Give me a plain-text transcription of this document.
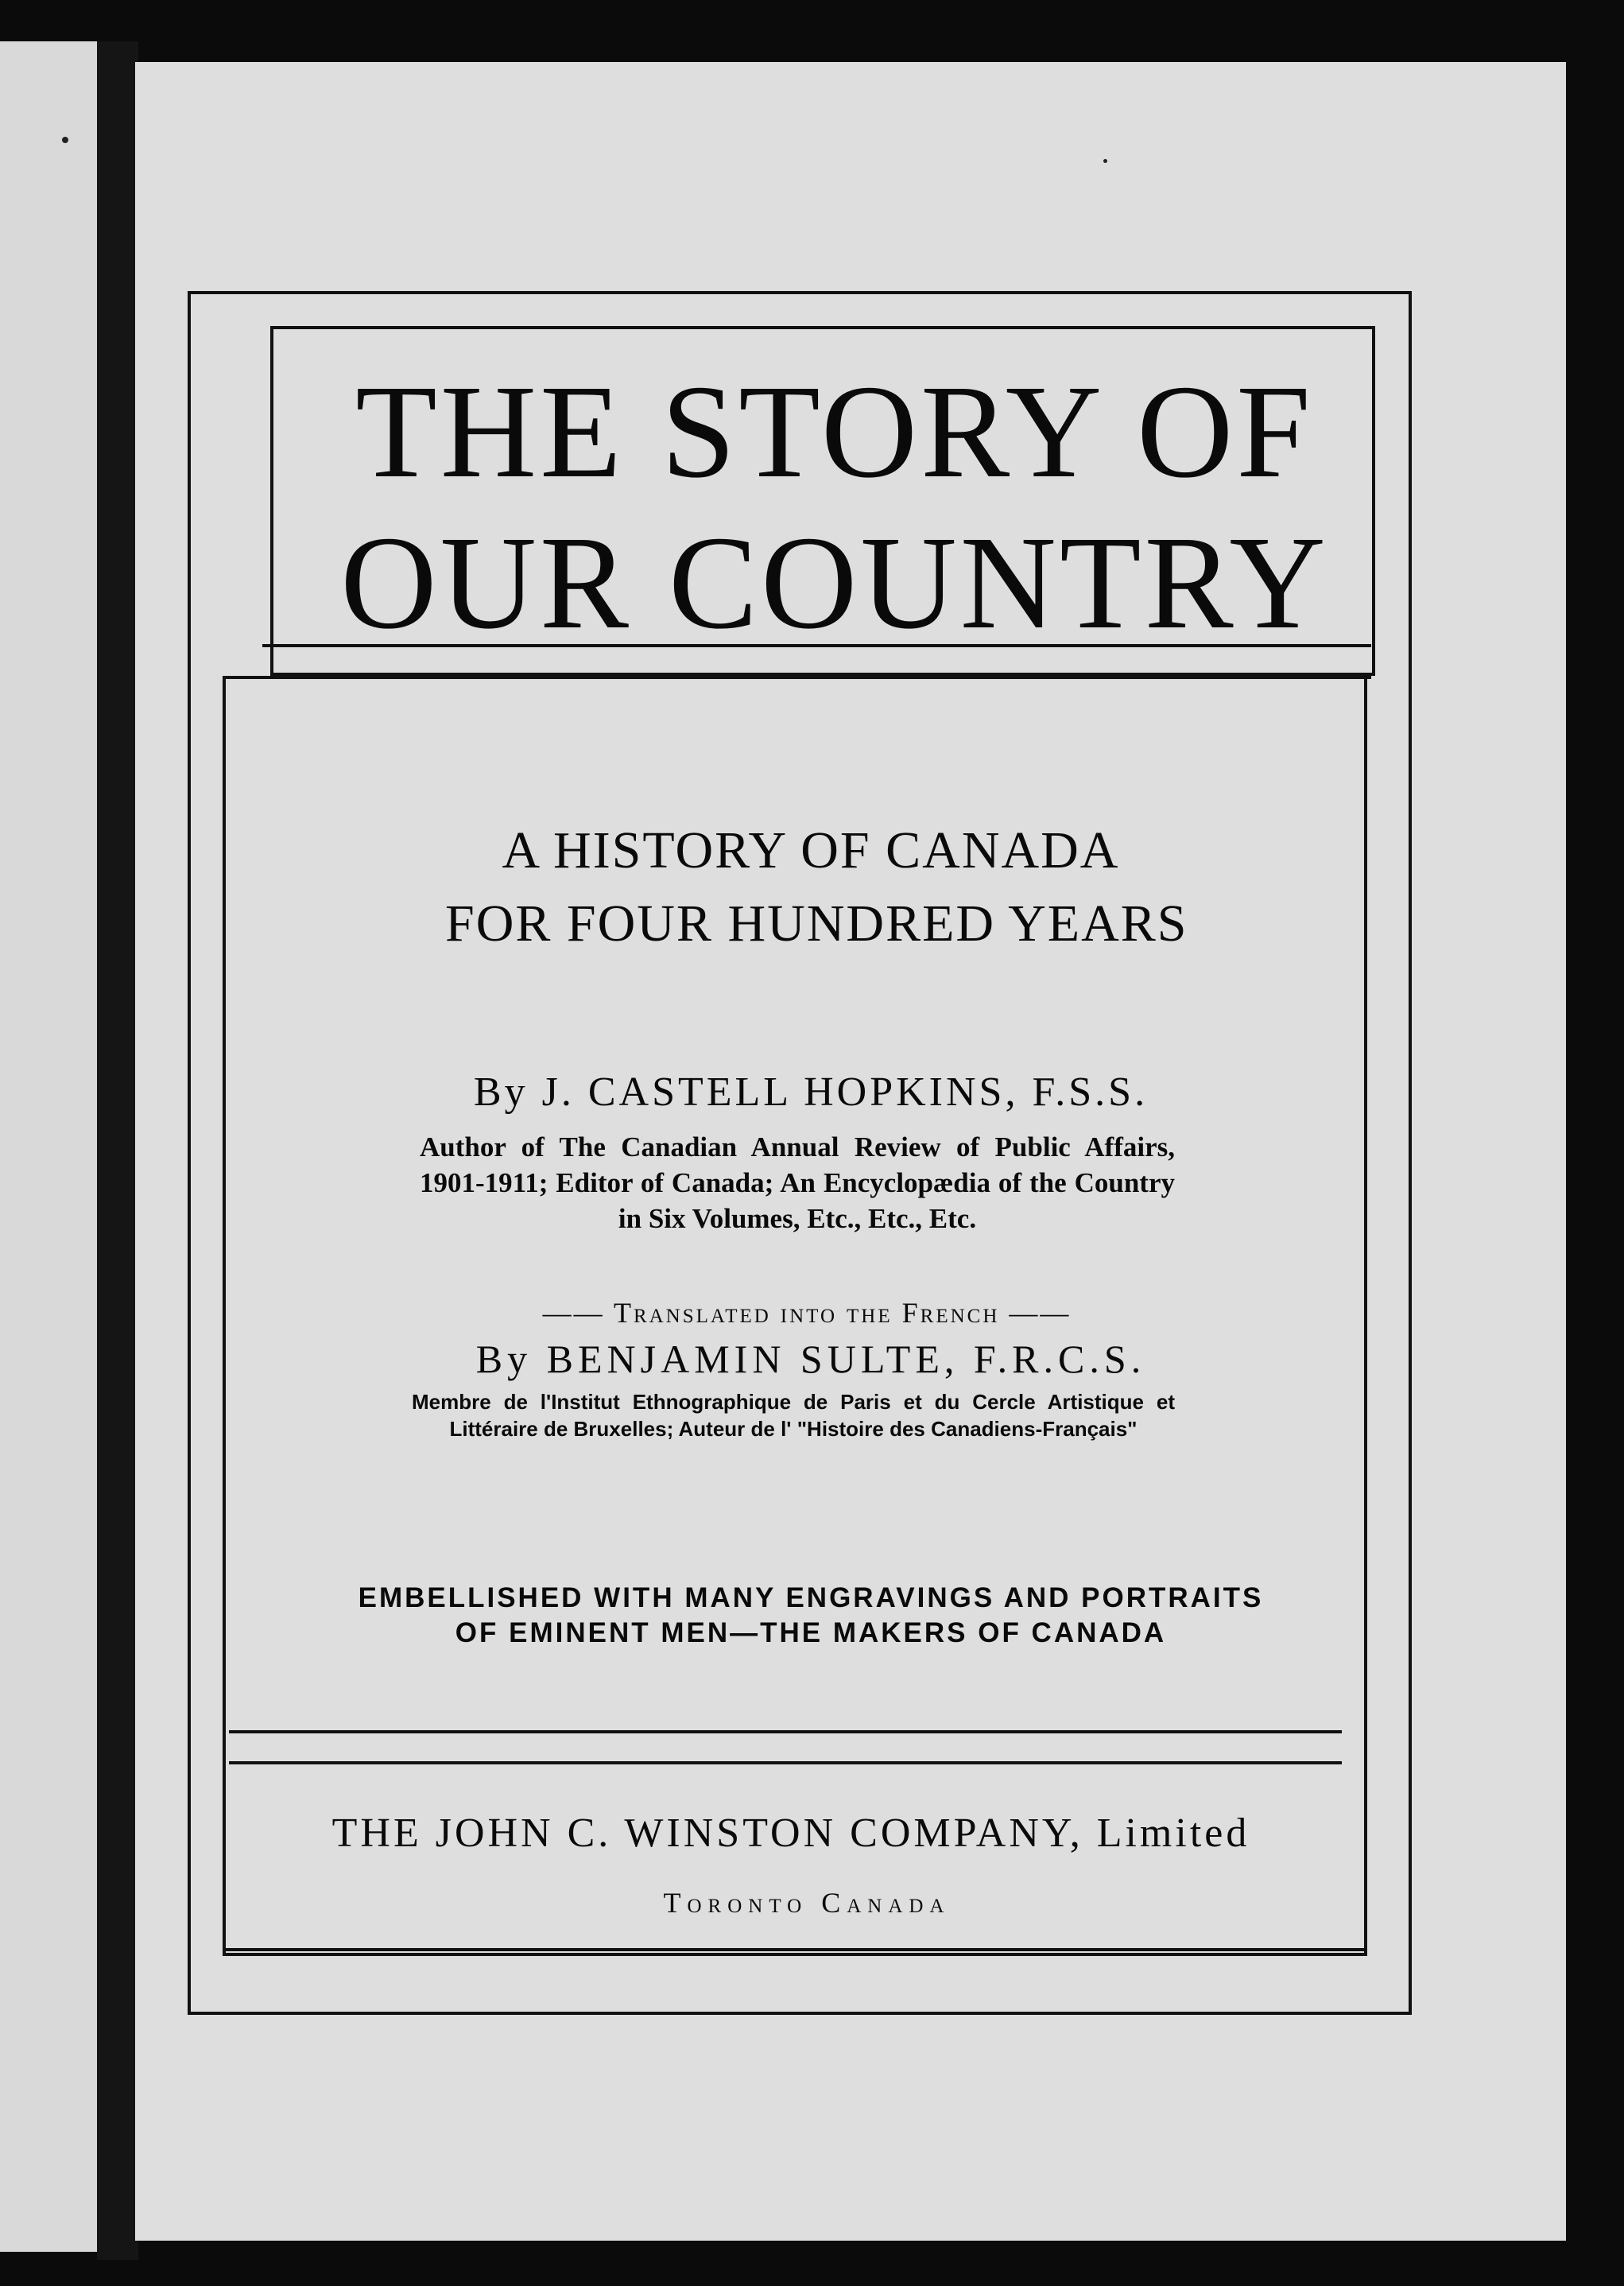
THE STORY OF
OUR COUNTRY
A HISTORY OF CANADA
FOR FOUR HUNDRED YEARS
By J. CASTELL HOPKINS, F.S.S.
Author of The Canadian Annual Review of Public Affairs, 1901-1911; Editor of Canada; An Encyclopædia of the Country in Six Volumes, Etc., Etc., Etc.
—— Translated into the French ——
By BENJAMIN SULTE, F.R.C.S.
Membre de l'Institut Ethnographique de Paris et du Cercle Artistique et Littéraire de Bruxelles; Auteur de l' "Histoire des Canadiens-Français"
EMBELLISHED WITH MANY ENGRAVINGS AND PORTRAITS
OF EMINENT MEN—THE MAKERS OF CANADA
THE JOHN C. WINSTON COMPANY, Limited
Toronto Canada
